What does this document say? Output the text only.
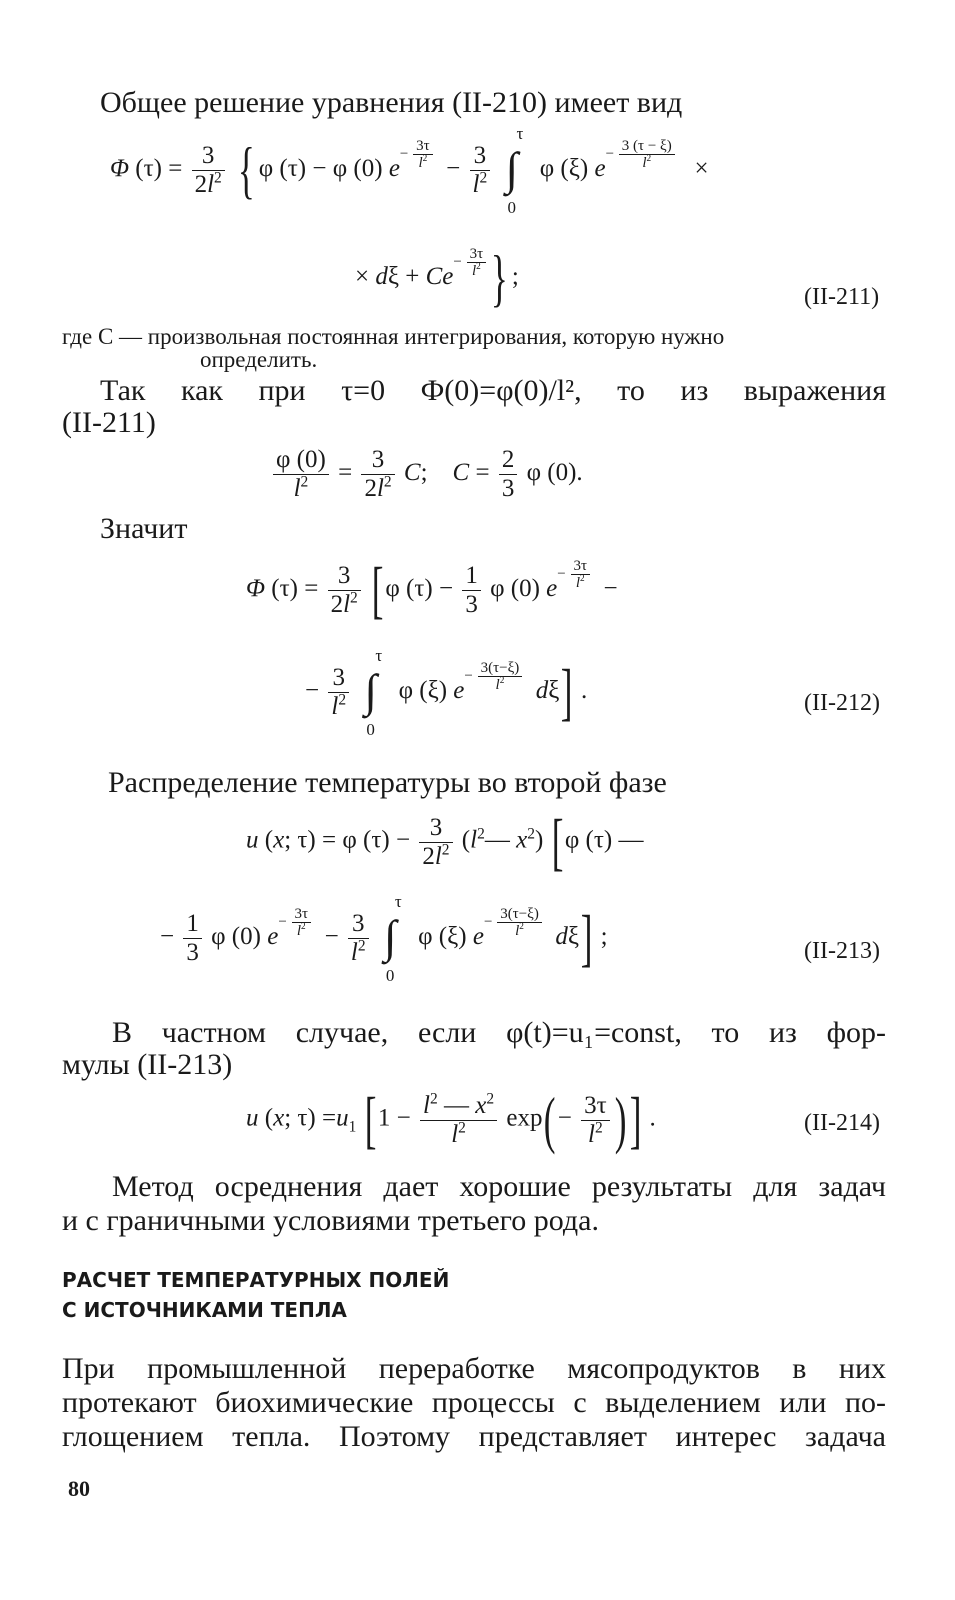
Общее решение уравнения (II-210) имеет вид
Φ $(\tau) = \frac{3}{2l^2}$ { φ (τ) − φ (0) $e- \frac{3\tau}{l^2} - \frac{3}{l^2}$
∫
τ
0
φ (ξ) $e- \frac{3 (\tau - \xi)}{l^2}$ ×
× $d\xi + Ce- \frac{3\tau}{l^2}$ } ;
(II-211)
где С — произвольная постоянная интегрирования, которую нужно
определить.
Так как при τ=0 Ф(0)=φ(0)/l², то из выражения
(II-211)
$\frac{\varphi (0)}{l^2} = \frac{3}{2l^2} C$;    $C = \frac{2}{3}$ φ (0).
Значит
Φ $(\tau) = \frac{3}{2l^2} [\varphi$ $(\tau) - \frac{1}{3}$ φ (0) $e- \frac{3\tau}{l^2}$ −
− $\frac{3}{l^2}$
∫
τ
0
φ (ξ) $e- \frac{3(\tau-\xi)}{l^2} d\xi$] .	(II-212)
Распределение температуры во второй фазе
u (x; τ) = φ $(\tau) - \frac{3}{2l^2}$ ($l^2—$ $x^2$) [φ (τ) —
− $\frac{1}{3}$ φ (0) $e- \frac{3\tau}{l^2} - \frac{3}{l^2}$
∫
τ
0
φ (ξ) $e- \frac{3(\tau-\xi)}{l^2} d\xi$] ;
(II-213)
В частном случае, если φ(t)=u₁=const, то из фор-
мулы (II-213)
u (x; $\tau) =u_1$ [$1 - \frac{l^2 — x^2}{l^2} \exp(- \frac{3\tau}{l^2}$ )] .	(II-214)
Метод осреднения дает хорошие результаты для задач
и с граничными условиями третьего рода.
РАСЧЕТ ТЕМПЕРАТУРНЫХ ПОЛЕЙ
С ИСТОЧНИКАМИ ТЕПЛА
При промышленной переработке мясопродуктов в них
протекают биохимические процессы с выделением или по-
глощением тепла. Поэтому представляет интерес задача
80
